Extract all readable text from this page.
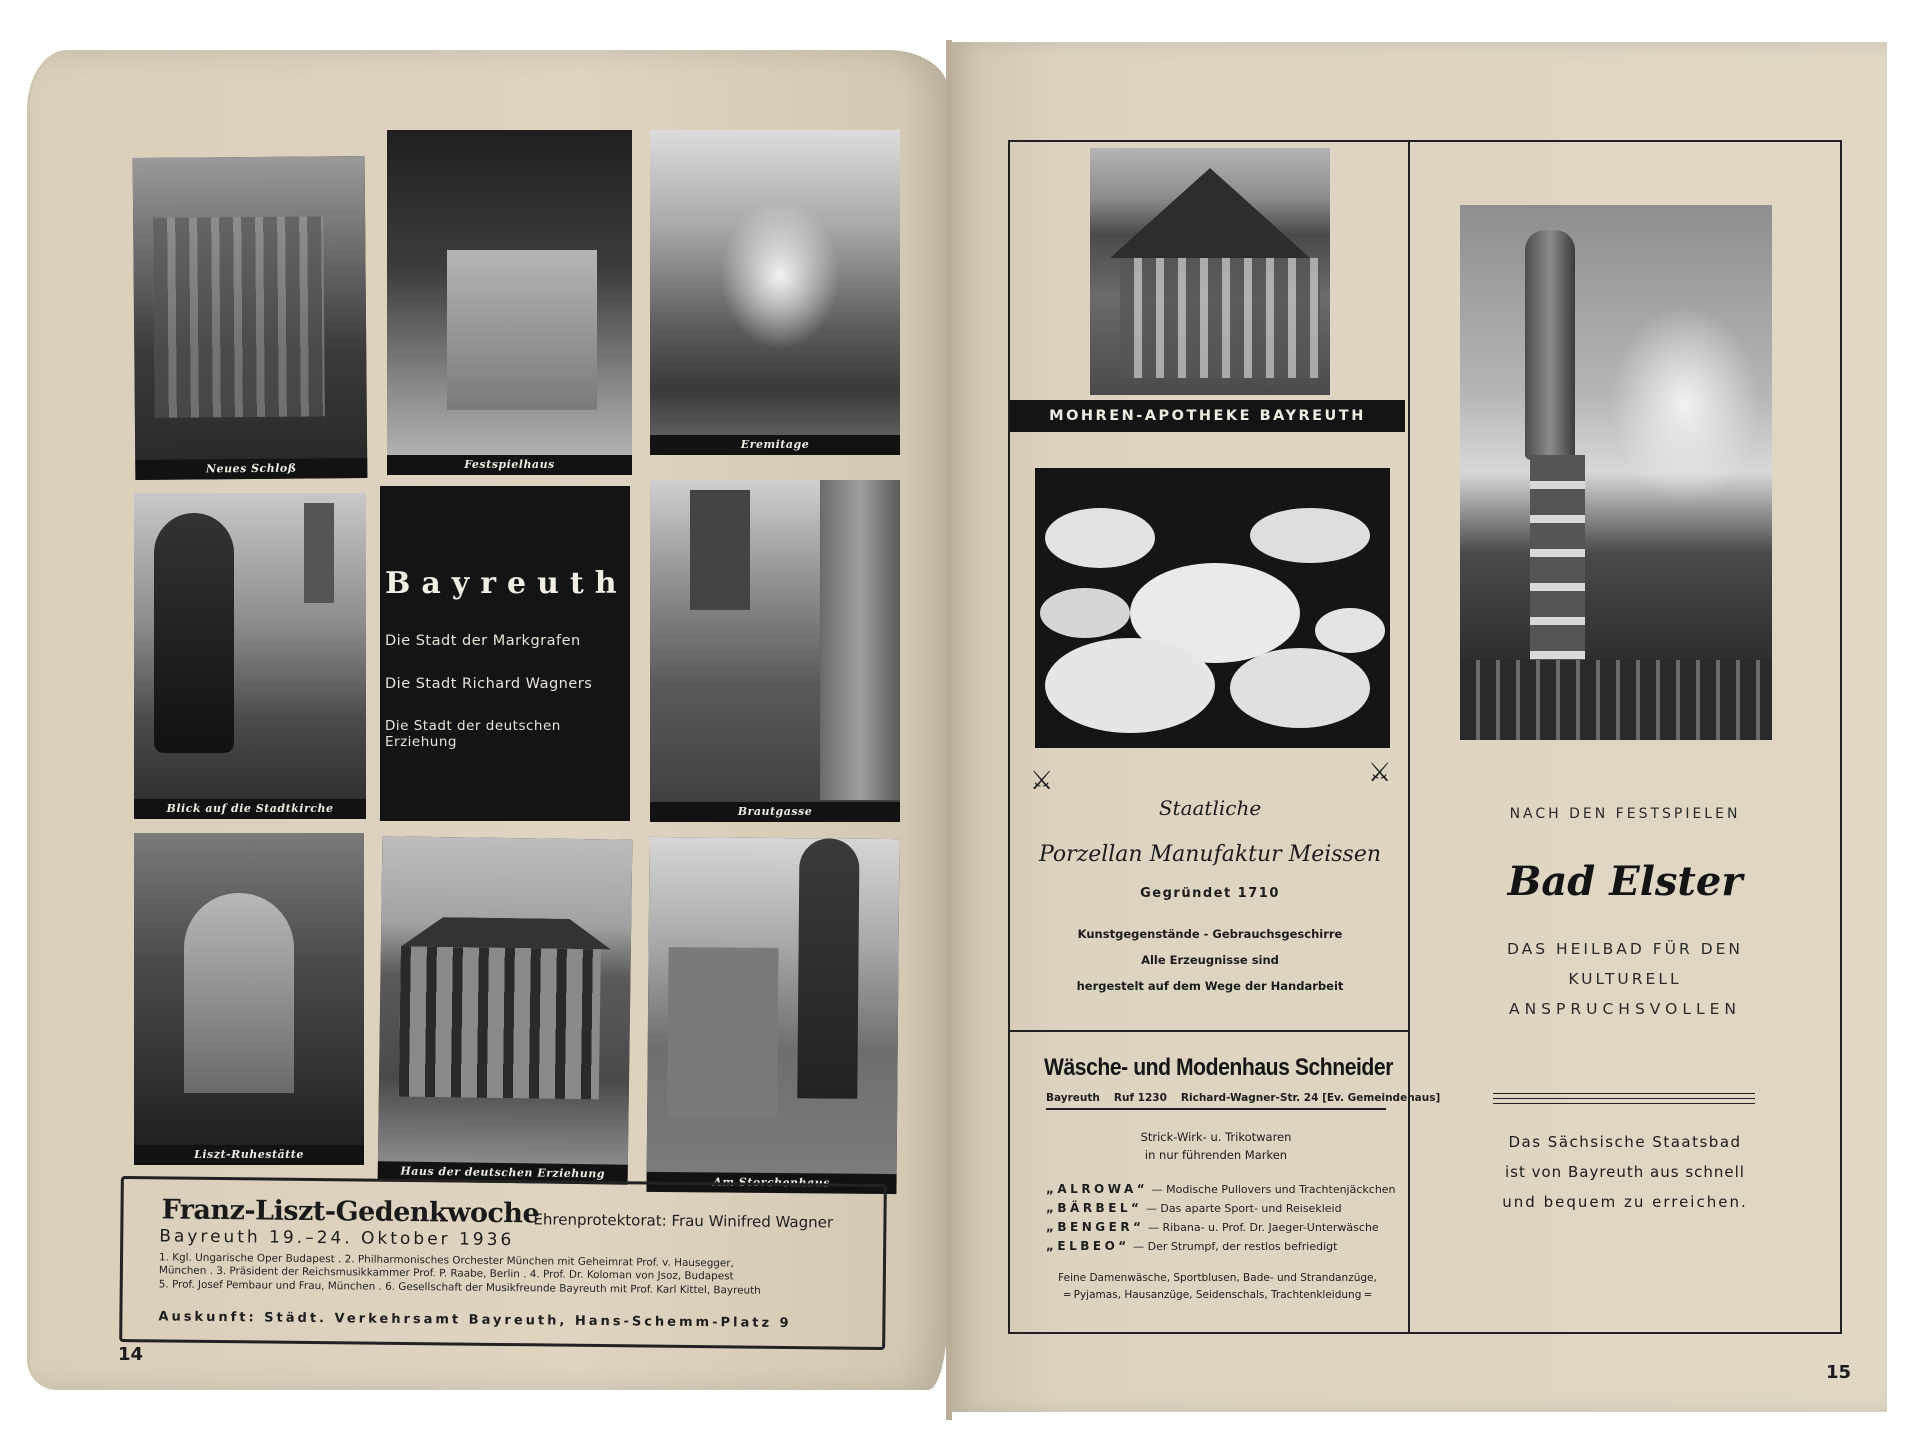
Neues Schloß	Festspielhaus
Eremitage
Blick auf die Stadtkirche
Bayreuth
Die Stadt der Markgrafen
Die Stadt Richard Wagners
Die Stadt der deutschen Erziehung
Brautgasse
Liszt-Ruhestätte
Haus der deutschen Erziehung
Am Storchenhaus
Franz-Liszt-Gedenkwoche
Bayreuth 19.–24. Oktober 1936
Ehrenprotektorat: Frau Winifred Wagner
1. Kgl. Ungarische Oper Budapest . 2. Philharmonisches Orchester München mit Geheimrat Prof. v. Hausegger,
München . 3. Präsident der Reichsmusikkammer Prof. P. Raabe, Berlin . 4. Prof. Dr. Koloman von Jsoz, Budapest
5. Prof. Josef Pembaur und Frau, München . 6. Gesellschaft der Musikfreunde Bayreuth mit Prof. Karl Kittel, Bayreuth
Auskunft: Städt. Verkehrsamt Bayreuth, Hans-Schemm-Platz 9
14
MOHREN-APOTHEKE BAYREUTH
⚔	⚔
Staatliche
Porzellan Manufaktur Meissen
Gegründet 1710
Kunstgegenstände - Gebrauchsgeschirre
Alle Erzeugnisse sind
hergestelt auf dem Wege der Handarbeit
Wäsche- und Modenhaus Schneider
Bayreuth Ruf 1230 Richard-Wagner-Str. 24 [Ev. Gemeindehaus]
Strick-Wirk- u. Trikotwaren
in nur führenden Marken
„ALROWA“ — Modische Pullovers und Trachtenjäckchen
„BÄRBEL“ — Das aparte Sport- und Reisekleid
„BENGER“ — Ribana- u. Prof. Dr. Jaeger-Unterwäsche
„ELBEO“ — Der Strumpf, der restlos befriedigt
Feine Damenwäsche, Sportblusen, Bade- und Strandanzüge,
═ Pyjamas, Hausanzüge, Seidenschals, Trachtenkleidung ═
NACH DEN FESTSPIELEN
Bad Elster
DAS HEILBAD FÜR DEN
KULTURELL
ANSPRUCHSVOLLEN
Das Sächsische Staatsbad
ist von Bayreuth aus schnell
und bequem zu erreichen.
15
